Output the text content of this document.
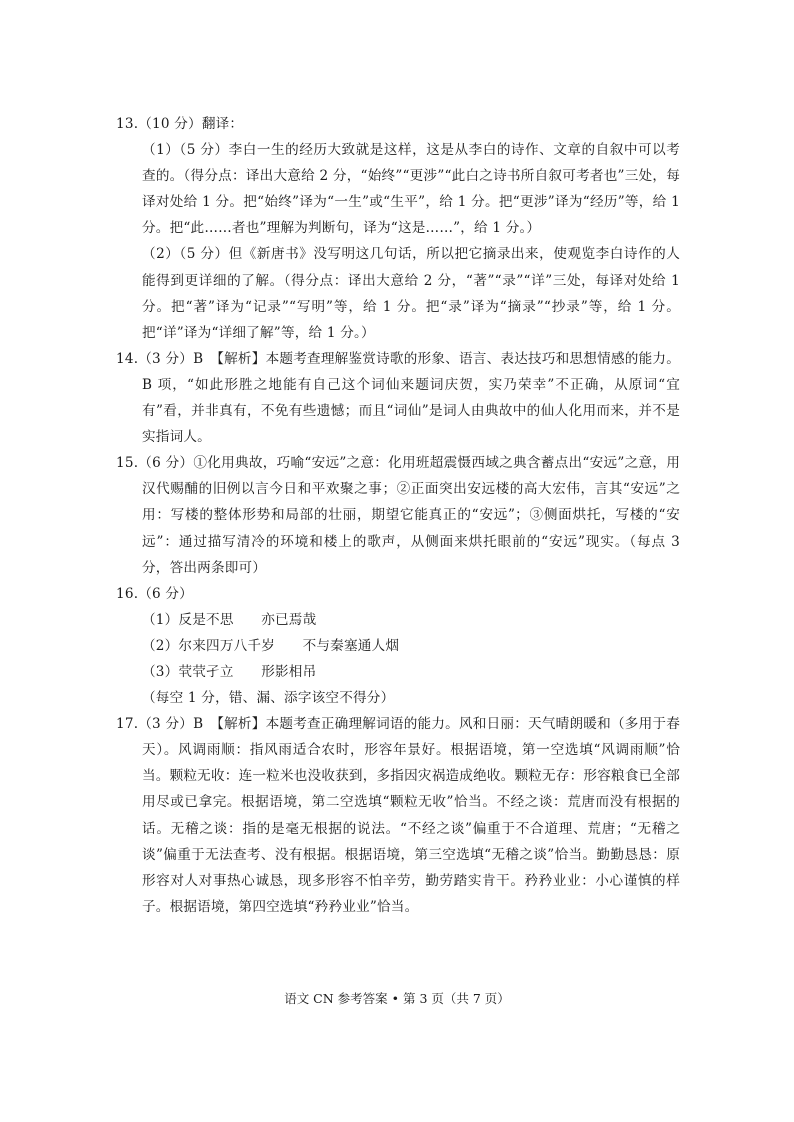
13.（10 分）翻译：

（1）（5 分）李白一生的经历大致就是这样，这是从李白的诗作、文章的自叙中可以考查的。（得分点：译出大意给 2 分，“始终”“更涉”“此白之诗书所自叙可考者也”三处，每译对处给 1 分。把“始终”译为“一生”或“生平”，给 1 分。把“更涉”译为“经历”等，给 1 分。把“此……者也”理解为判断句，译为“这是……”，给 1 分。）

（2）（5 分）但《新唐书》没写明这几句话，所以把它摘录出来，使观览李白诗作的人能得到更详细的了解。（得分点：译出大意给 2 分，“著”“录”“详”三处，每译对处给 1 分。把“著”译为“记录”“写明”等，给 1 分。把“录”译为“摘录”“抄录”等，给 1 分。把“详”译为“详细了解”等，给 1 分。）

14.（3 分）B　【解析】本题考查理解鉴赏诗歌的形象、语言、表达技巧和思想情感的能力。B 项，“如此形胜之地能有自己这个词仙来题词庆贺，实乃荣幸”不正确，从原词“宜有”看，并非真有，不免有些遗憾；而且“词仙”是词人由典故中的仙人化用而来，并不是实指词人。

15.（6 分）①化用典故，巧喻“安远”之意：化用班超震慑西域之典含蓄点出“安远”之意，用汉代赐酺的旧例以言今日和平欢聚之事；②正面突出安远楼的高大宏伟，言其“安远”之用：写楼的整体形势和局部的壮丽，期望它能真正的“安远”；③侧面烘托，写楼的“安远”：通过描写清冷的环境和楼上的歌声，从侧面来烘托眼前的“安远”现实。（每点 3 分，答出两条即可）

16.（6 分）

（1）反是不思　　亦已焉哉

（2）尔来四万八千岁　　不与秦塞通人烟

（3）茕茕孑立　　形影相吊

（每空 1 分，错、漏、添字该空不得分）

17.（3 分）B　【解析】本题考查正确理解词语的能力。风和日丽：天气晴朗暖和（多用于春天）。风调雨顺：指风雨适合农时，形容年景好。根据语境，第一空选填“风调雨顺”恰当。颗粒无收：连一粒米也没收获到，多指因灾祸造成绝收。颗粒无存：形容粮食已全部用尽或已拿完。根据语境，第二空选填“颗粒无收”恰当。不经之谈：荒唐而没有根据的话。无稽之谈：指的是毫无根据的说法。“不经之谈”偏重于不合道理、荒唐；“无稽之谈”偏重于无法查考、没有根据。根据语境，第三空选填“无稽之谈”恰当。勤勤恳恳：原形容对人对事热心诚恳，现多形容不怕辛劳，勤劳踏实肯干。矜矜业业：小心谨慎的样子。根据语境，第四空选填“矜矜业业”恰当。

语文 CN 参考答案 • 第 3 页（共 7 页）
